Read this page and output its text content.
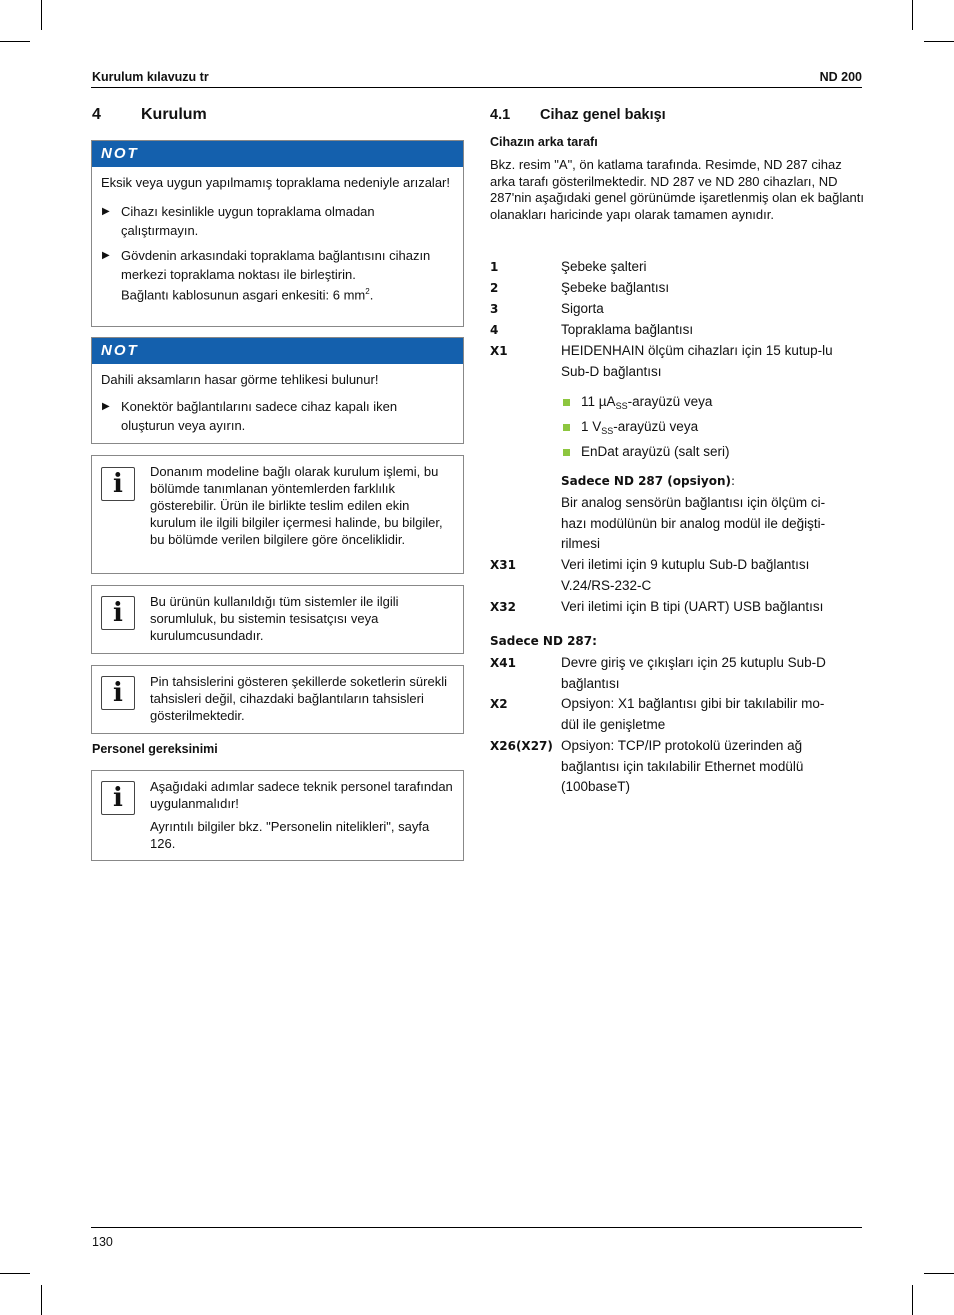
Kurulum kılavuzu tr	ND 200
4	Kurulum
NOT

Eksik veya uygun yapılmamış topraklama nedeniyle arızalar!

▶ Cihazı kesinlikle uygun topraklama olmadan çalıştırmayın.
▶ Gövdenin arkasındaki topraklama bağlantısını cihazın merkezi topraklama noktası ile birleştirin.
Bağlantı kablosunun asgari enkesiti: 6 $mm^2$.
NOT

Dahili aksamların hasar görme tehlikesi bulunur!

▶ Konektör bağlantılarını sadece cihaz kapalı iken oluşturun veya ayırın.
i	Donanım modeline bağlı olarak kurulum işlemi, bu bölümde tanımlanan yöntemlerden farklılık gösterebilir. Ürün ile birlikte teslim edilen ekin kurulum ile ilgili bilgiler içermesi halinde, bu bilgiler, bu bölümde verilen bilgilere göre önceliklidir.
i	Bu ürünün kullanıldığı tüm sistemler ile ilgili sorumluluk, bu sistemin tesisatçısı veya kurulumcusundadır.
i	Pin tahsislerini gösteren şekillerde soketlerin sürekli tahsisleri değil, cihazdaki bağlantıların tahsisleri gösterilmektedir.
Personel gereksinimi
i	Aşağıdaki adımlar sadece teknik personel tarafından uygulanmalıdır!

Ayrıntılı bilgiler bkz. "Personelin nitelikleri", sayfa 126.

4.1 Cihaz genel bakışı
Cihazın arka tarafı
Bkz. resim "A", ön katlama tarafında. Resimde, ND 287 cihaz arka tarafı gösterilmektedir. ND 287 ve ND 280 cihazları, ND 287'nin aşağıdaki genel görünümde işaretlenmiş olan ek bağlantı olanakları haricinde yapı olarak tamamen aynıdır.
1	Şebeke şalteri
2	Şebeke bağlantısı
3	Sigorta
4	Topraklama bağlantısı
X1	HEIDENHAIN ölçüm cihazları için 15 kutup-lu Sub-D bağlantısı
11 µA$_{SS}$-arayüzü veya
1 $V_{SS}$-arayüzü veya
EnDat arayüzü (salt seri)
Sadece ND 287 (opsiyon):
Bir analog sensörün bağlantısı için ölçüm ci-hazı modülünün bir analog modül ile değişti-rilmesi
X31	Veri iletimi için 9 kutuplu Sub-D bağlantısı V.24/RS-232-C
X32	Veri iletimi için B tipi (UART) USB bağlantısı
Sadece ND 287:
X41	Devre giriş ve çıkışları için 25 kutuplu Sub-D bağlantısı
X2	Opsiyon: X1 bağlantısı gibi bir takılabilir mo-dül ile genişletme
X26(X27) Opsiyon: TCP/IP protokolü üzerinden ağ bağlantısı için takılabilir Ethernet modülü (100baseT)
130
